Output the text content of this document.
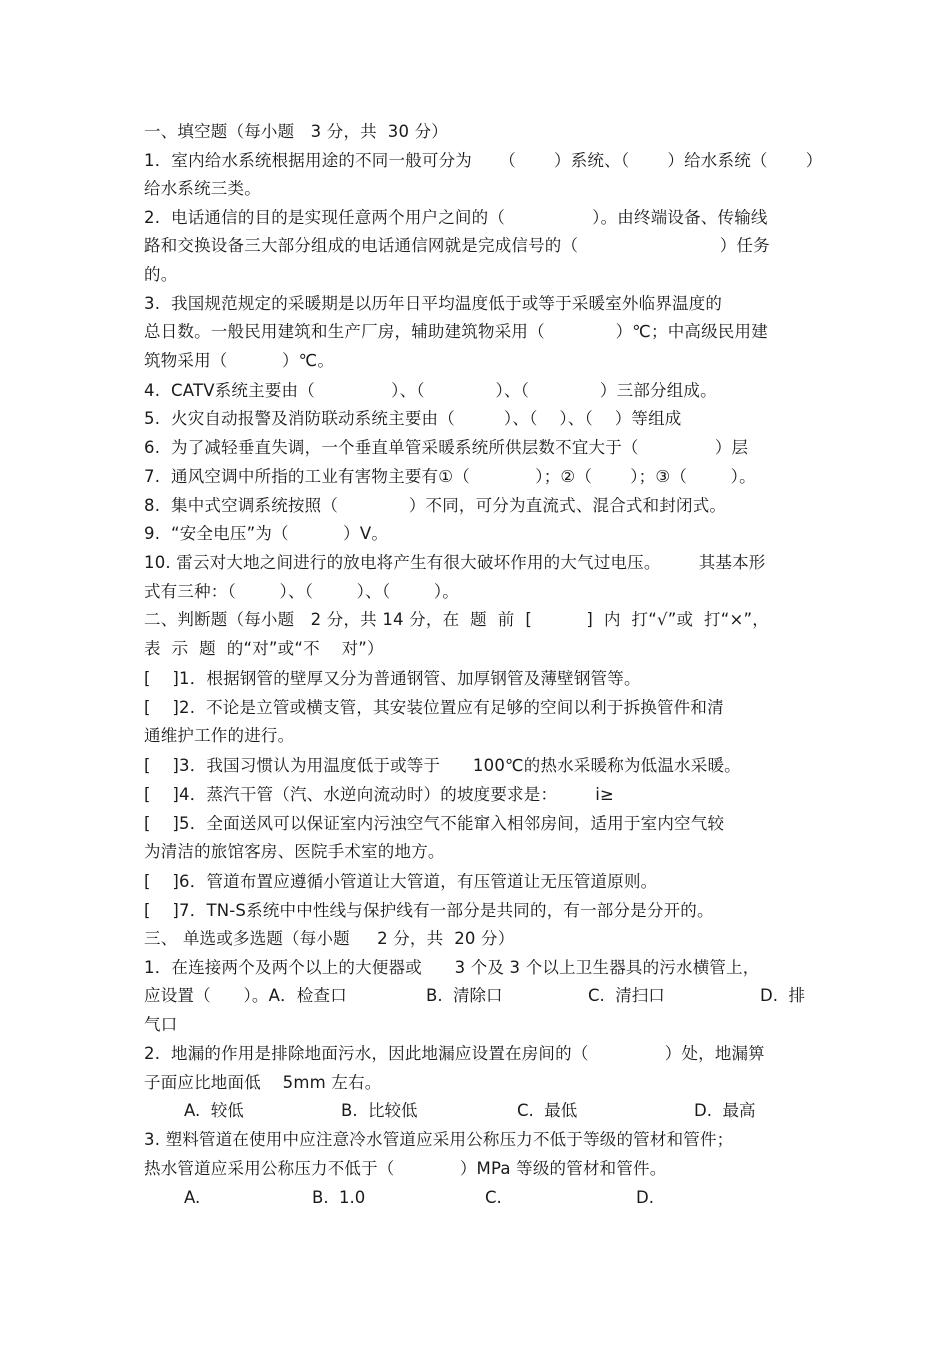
一、填空题（每小题   3 分，共  30 分）
1．室内给水系统根据用途的不同一般可分为     （       ）系统、（       ）给水系统（       ）
给水系统三类。
2.  电话通信的目的是实现任意两个用户之间的（                ）。由终端设备、传输线
路和交换设备三大部分组成的电话通信网就是完成信号的（                          ）任务
的。
3.  我国规范规定的采暖期是以历年日平均温度低于或等于采暖室外临界温度的
总日数。一般民用建筑和生产厂房，辅助建筑物采用（             ）℃；中高级民用建
筑物采用（          ）℃。
4.  CATV系统主要由（              ）、（             ）、（             ）三部分组成。
5.  火灾自动报警及消防联动系统主要由（         ）、（    ）、（    ）等组成
6.  为了减轻垂直失调，一个垂直单管采暖系统所供层数不宜大于（              ）层
7.  通风空调中所指的工业有害物主要有①（            ）；②（       ）；③（        ）。
8.  集中式空调系统按照（             ）不同，可分为直流式、混合式和封闭式。
9.  “安全电压”为（          ）V。
10. 雷云对大地之间进行的放电将产生有很大破坏作用的大气过电压。       其基本形
式有三种：（        ）、（        ）、（        ）。
二、判断题（每小题   2 分，共 14 分，在  题  前  [          ]  内  打“√”或  打“×”，
表  示  题  的“对”或“不    对”）
[    ]1．根据钢管的壁厚又分为普通钢管、加厚钢管及薄壁钢管等。
[    ]2.  不论是立管或横支管，其安装位置应有足够的空间以利于拆换管件和清
通维护工作的进行。
[    ]3．我国习惯认为用温度低于或等于      100℃的热水采暖称为低温水采暖。
[    ]4．蒸汽干管（汽、水逆向流动时）的坡度要求是：       i≥
[    ]5．全面送风可以保证室内污浊空气不能窜入相邻房间，适用于室内空气较
为清洁的旅馆客房、医院手术室的地方。
[    ]6．管道布置应遵循小管道让大管道，有压管道让无压管道原则。
[    ]7．TN-S系统中中性线与保护线有一部分是共同的，有一部分是分开的。
三、 单选或多选题（每小题     2 分，共  20 分）
1．在连接两个及两个以上的大便器或      3 个及 3 个以上卫生器具的污水横管上，
应设置（      ）。A．检查口	B.  清除口	C.  清扫口	D.  排
气口
2.  地漏的作用是排除地面污水，因此地漏应设置在房间的（              ）处，地漏箅
子面应比地面低    5mm 左右。
A.  较低	B.  比较低	C.  最低	D.  最高
3. 塑料管道在使用中应注意冷水管道应采用公称压力不低于等级的管材和管件；
热水管道应采用公称压力不低于（            ）MPa 等级的管材和管件。
A.	B.  1.0	C.	D.
